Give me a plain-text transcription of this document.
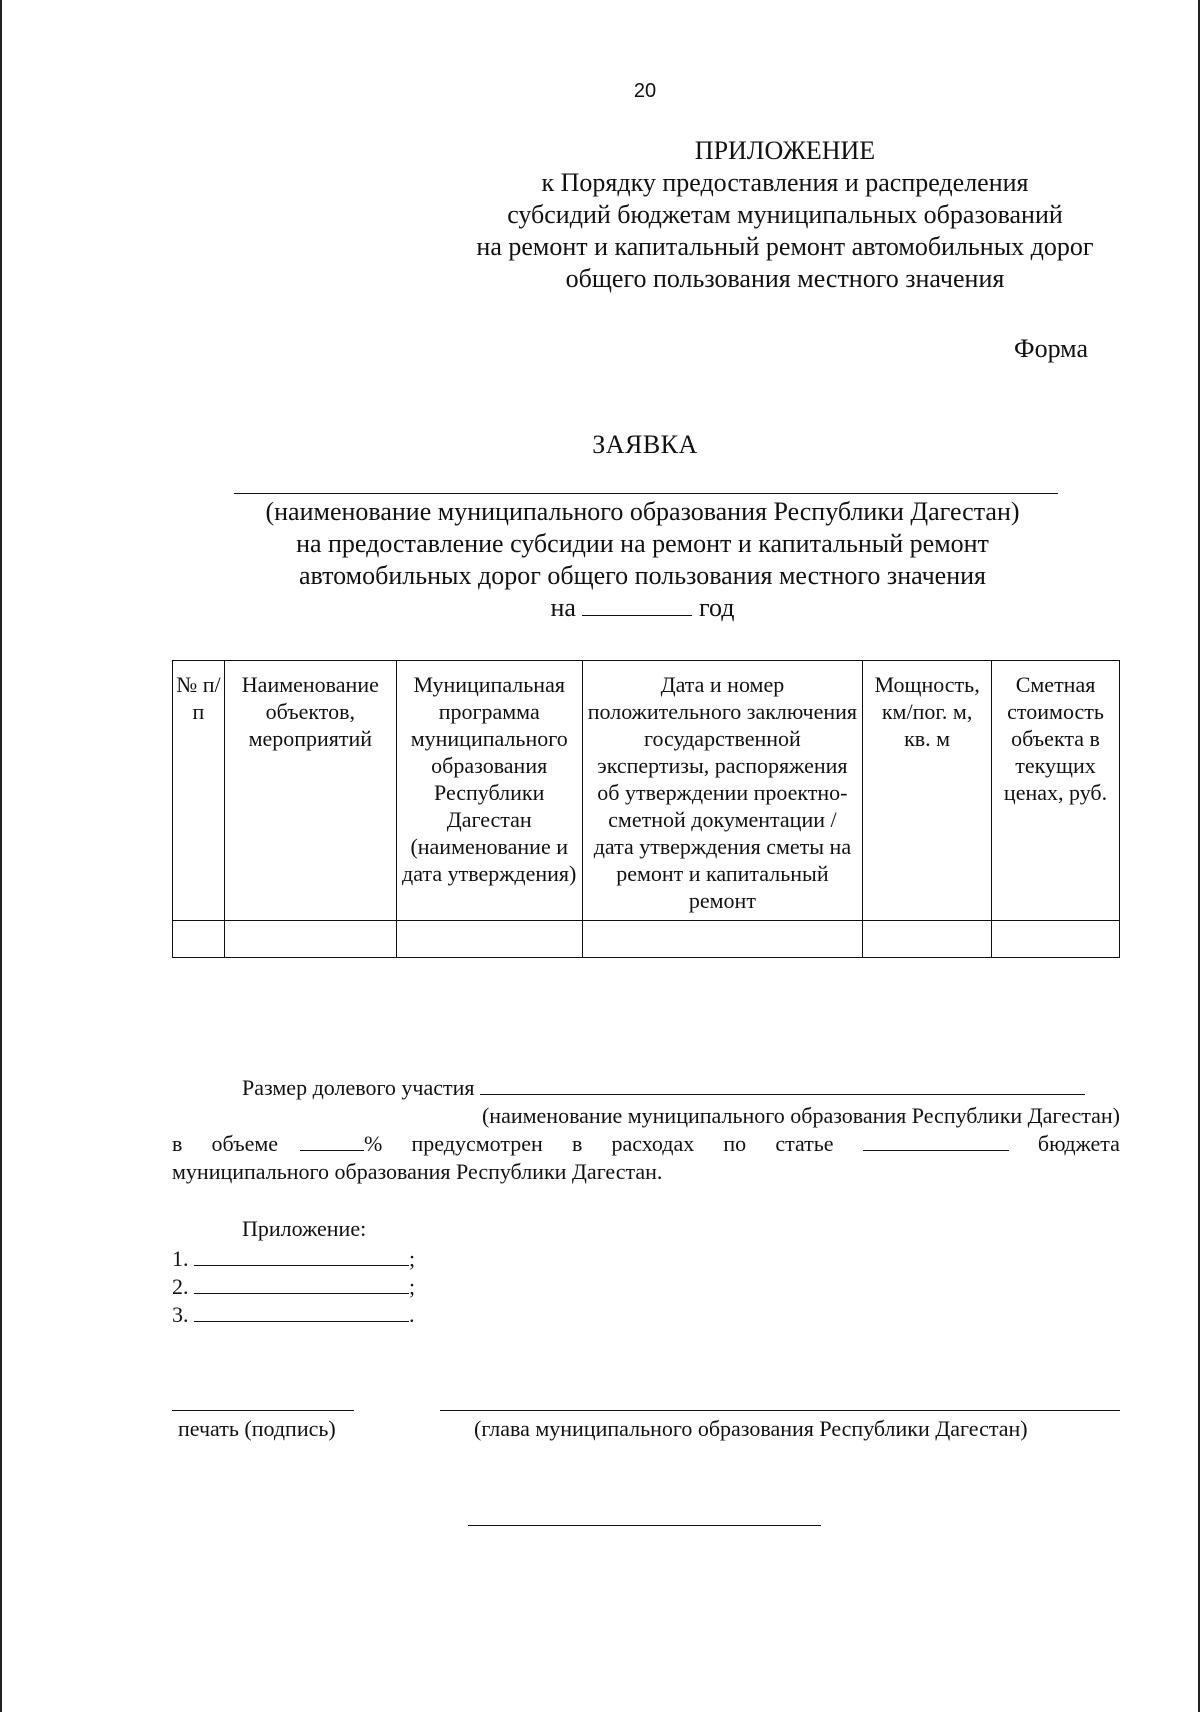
20
ПРИЛОЖЕНИЕ
к Порядку предоставления и распределения
субсидий бюджетам муниципальных образований
на ремонт и капитальный ремонт автомобильных дорог
общего пользования местного значения
Форма
ЗАЯВКА
(наименование муниципального образования Республики Дагестан)
на предоставление субсидии на ремонт и капитальный ремонт
автомобильных дорог общего пользования местного значения
на	год
№ п/п	Наименование объектов, мероприятий	Муниципальная программа муниципального образования Республики Дагестан (наименование и дата утверждения)	Дата и номер положительного заключения государственной экспертизы, распоряжения об утверждении проектно-сметной документации / дата утверждения сметы на ремонт и капитальный ремонт	Мощность, км/пог. м, кв. м	Сметная стоимость объекта в текущих ценах, руб.

Размер долевого участия
(наименование муниципального образования Республики Дагестан)
в объеме	% предусмотрен в расходах по статье	бюджета
муниципального образования Республики Дагестан.
Приложение:
1.	;
2.	;
3.	.
печать (подпись)	(глава муниципального образования Республики Дагестан)
